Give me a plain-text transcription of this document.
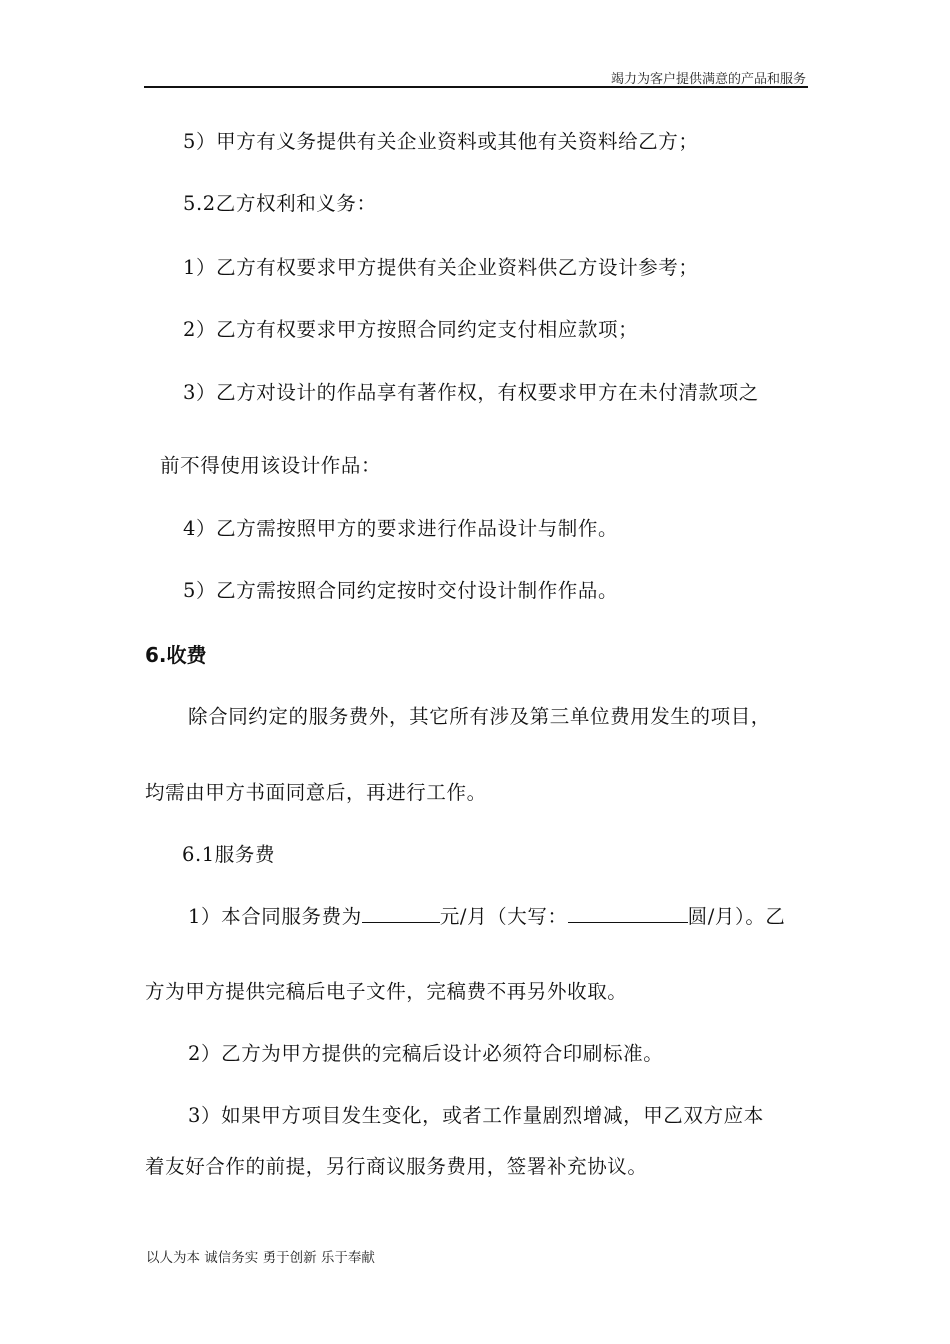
竭力为客户提供满意的产品和服务
5）甲方有义务提供有关企业资料或其他有关资料给乙方；
5.2乙方权利和义务：
1）乙方有权要求甲方提供有关企业资料供乙方设计参考；
2）乙方有权要求甲方按照合同约定支付相应款项；
3）乙方对设计的作品享有著作权，有权要求甲方在未付清款项之
前不得使用该设计作品：
4）乙方需按照甲方的要求进行作品设计与制作。
5）乙方需按照合同约定按时交付设计制作作品。
6.收费
除合同约定的服务费外，其它所有涉及第三单位费用发生的项目，
均需由甲方书面同意后，再进行工作。
6.1服务费
1）本合同服务费为	元/月（大写：	圆/月）。乙
方为甲方提供完稿后电子文件，完稿费不再另外收取。
2）乙方为甲方提供的完稿后设计必须符合印刷标准。
3）如果甲方项目发生变化，或者工作量剧烈增减，甲乙双方应本
着友好合作的前提，另行商议服务费用，签署补充协议。
以人为本 诚信务实 勇于创新 乐于奉献
